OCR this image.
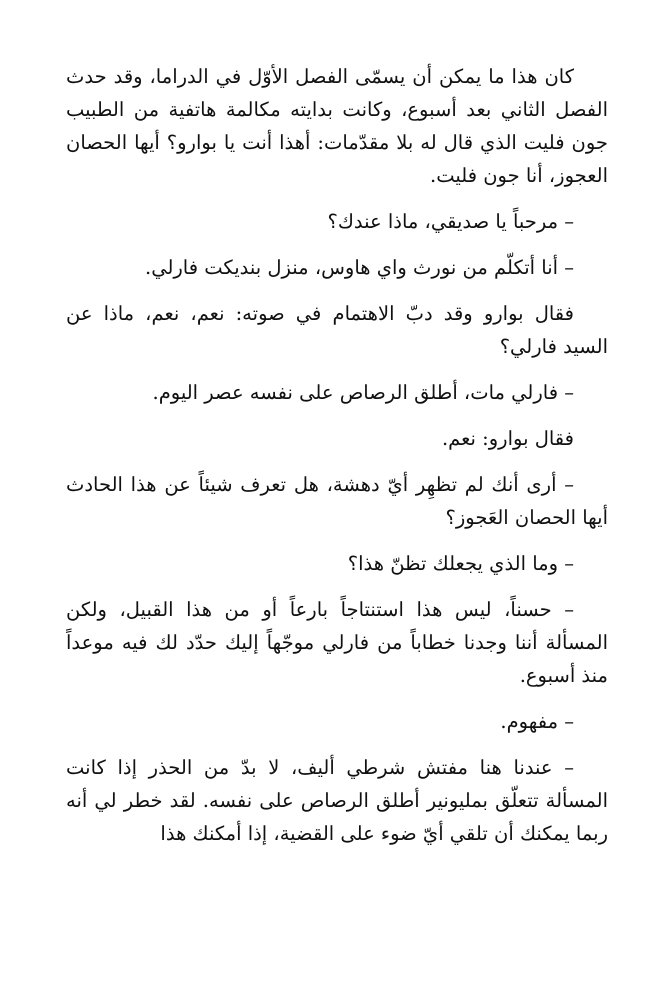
كان هذا ما يمكن أن يسمّى الفصل الأوّل في الدراما، وقد حدث الفصل الثاني بعد أسبوع، وكانت بدايته مكالمة هاتفية من الطبيب جون فليت الذي قال له بلا مقدّمات: أهذا أنت يا بوارو؟ أيها الحصان العجوز، أنا جون فليت.

– مرحباً يا صديقي، ماذا عندك؟

– أنا أتكلّم من نورث واي هاوس، منزل بنديكت فارلي.

فقال بوارو وقد دبّ الاهتمام في صوته: نعم، نعم، ماذا عن السيد فارلي؟

– فارلي مات، أطلق الرصاص على نفسه عصر اليوم.

فقال بوارو: نعم.

– أرى أنك لم تظهِر أيّ دهشة، هل تعرف شيئاً عن هذا الحادث أيها الحصان العَجوز؟

– وما الذي يجعلك تظنّ هذا؟

– حسناً، ليس هذا استنتاجاً بارعاً أو من هذا القبيل، ولكن المسألة أننا وجدنا خطاباً من فارلي موجّهاً إليك حدّد لك فيه موعداً منذ أسبوع.

– مفهوم.

– عندنا هنا مفتش شرطي أليف، لا بدّ من الحذر إذا كانت المسألة تتعلّق بمليونير أطلق الرصاص على نفسه. لقد خطر لي أنه ربما يمكنك أن تلقي أيّ ضوء على القضية، إذا أمكنك هذا
